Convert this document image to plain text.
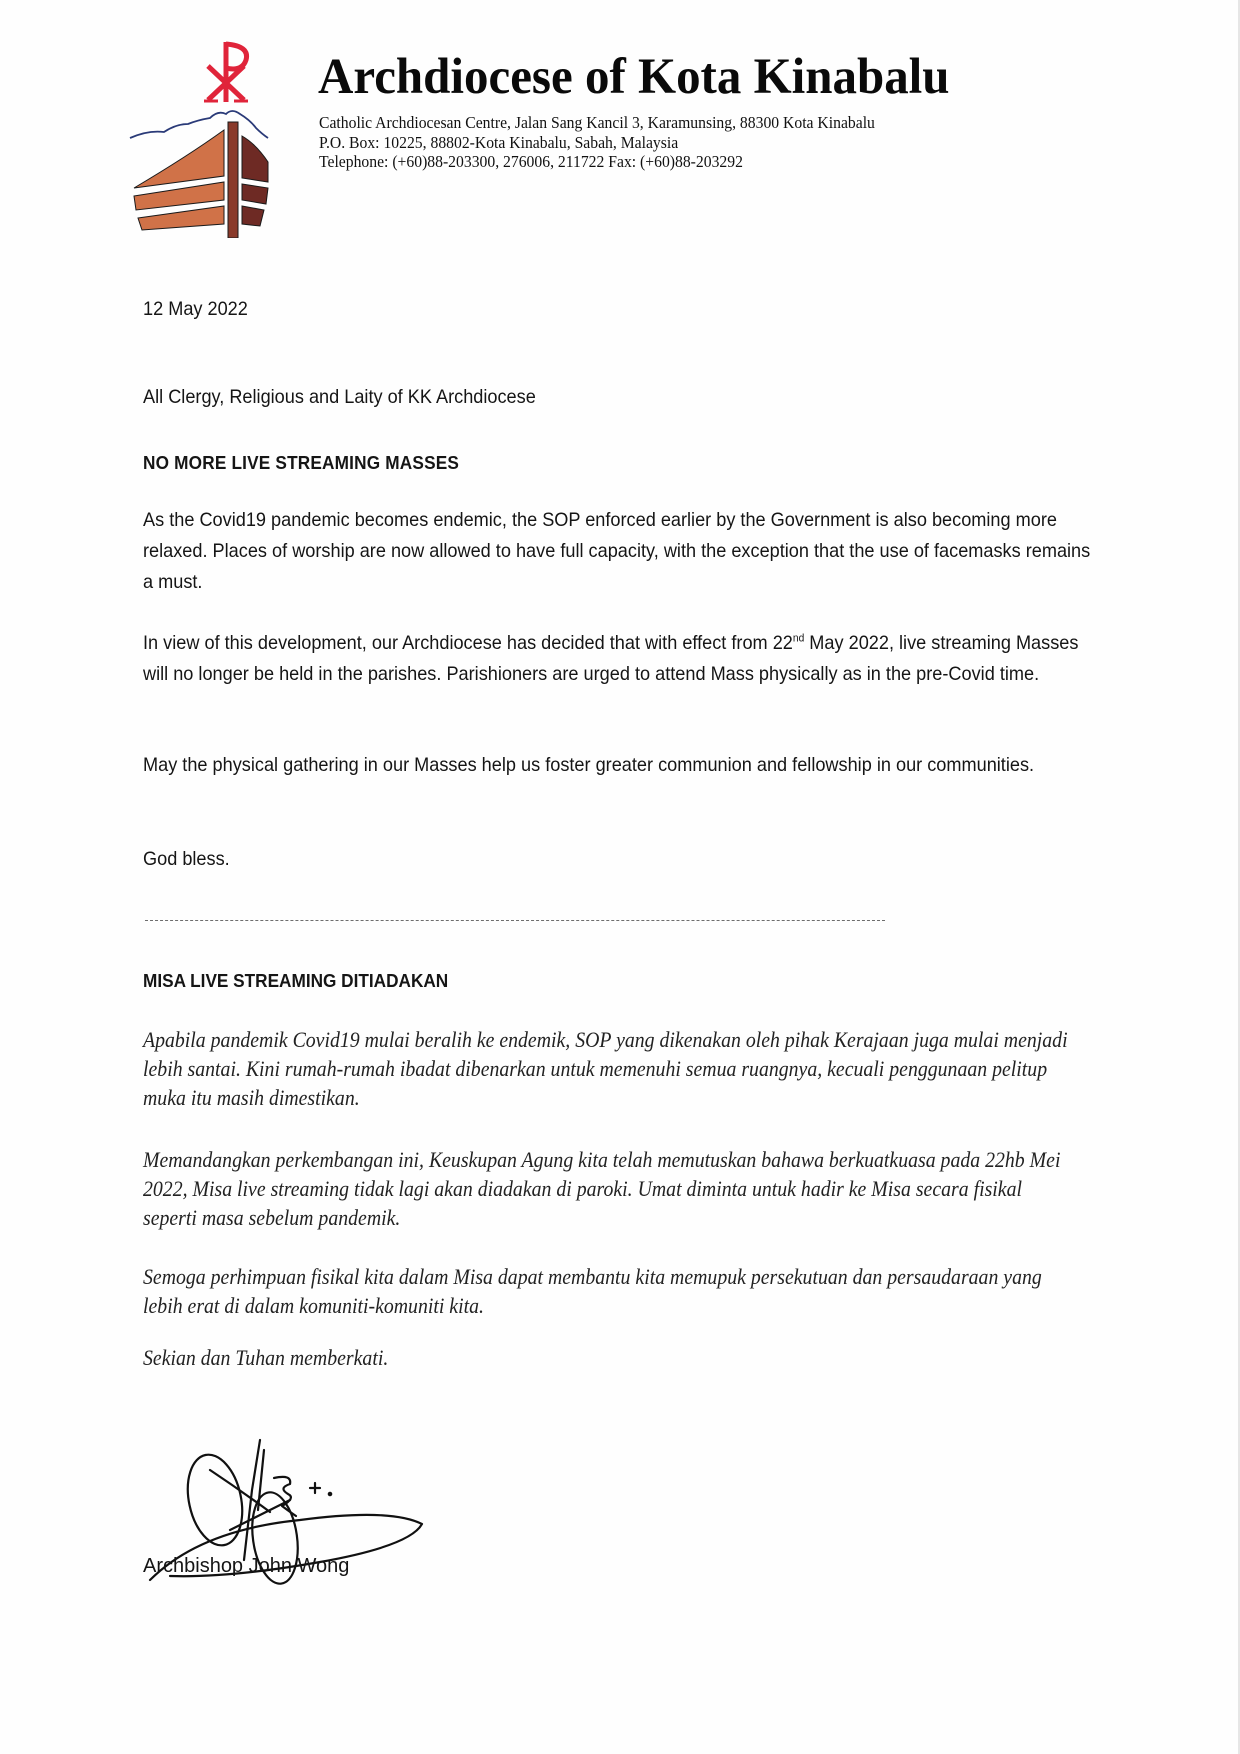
Archdiocese of Kota Kinabalu
Catholic Archdiocesan Centre, Jalan Sang Kancil 3, Karamunsing, 88300 Kota Kinabalu
P.O. Box: 10225, 88802-Kota Kinabalu, Sabah, Malaysia
Telephone: (+60)88-203300, 276006, 211722 Fax: (+60)88-203292
12 May 2022
All Clergy, Religious and Laity of KK Archdiocese
NO MORE LIVE STREAMING MASSES
As the Covid19 pandemic becomes endemic, the SOP enforced earlier by the Government is also becoming more relaxed. Places of worship are now allowed to have full capacity, with the exception that the use of facemasks remains a must.
In view of this development, our Archdiocese has decided that with effect from 22nd May 2022, live streaming Masses will no longer be held in the parishes. Parishioners are urged to attend Mass physically as in the pre-Covid time.
May the physical gathering in our Masses help us foster greater communion and fellowship in our communities.
God bless.
MISA LIVE STREAMING DITIADAKAN
Apabila pandemik Covid19 mulai beralih ke endemik, SOP yang dikenakan oleh pihak Kerajaan juga mulai menjadi lebih santai. Kini rumah-rumah ibadat dibenarkan untuk memenuhi semua ruangnya, kecuali penggunaan pelitup muka itu masih dimestikan.
Memandangkan perkembangan ini, Keuskupan Agung kita telah memutuskan bahawa berkuatkuasa pada 22hb Mei 2022, Misa live streaming tidak lagi akan diadakan di paroki. Umat diminta untuk hadir ke Misa secara fisikal seperti masa sebelum pandemik.
Semoga perhimpuan fisikal kita dalam Misa dapat membantu kita memupuk persekutuan dan persaudaraan yang lebih erat di dalam komuniti-komuniti kita.
Sekian dan Tuhan memberkati.
Archbishop John Wong
